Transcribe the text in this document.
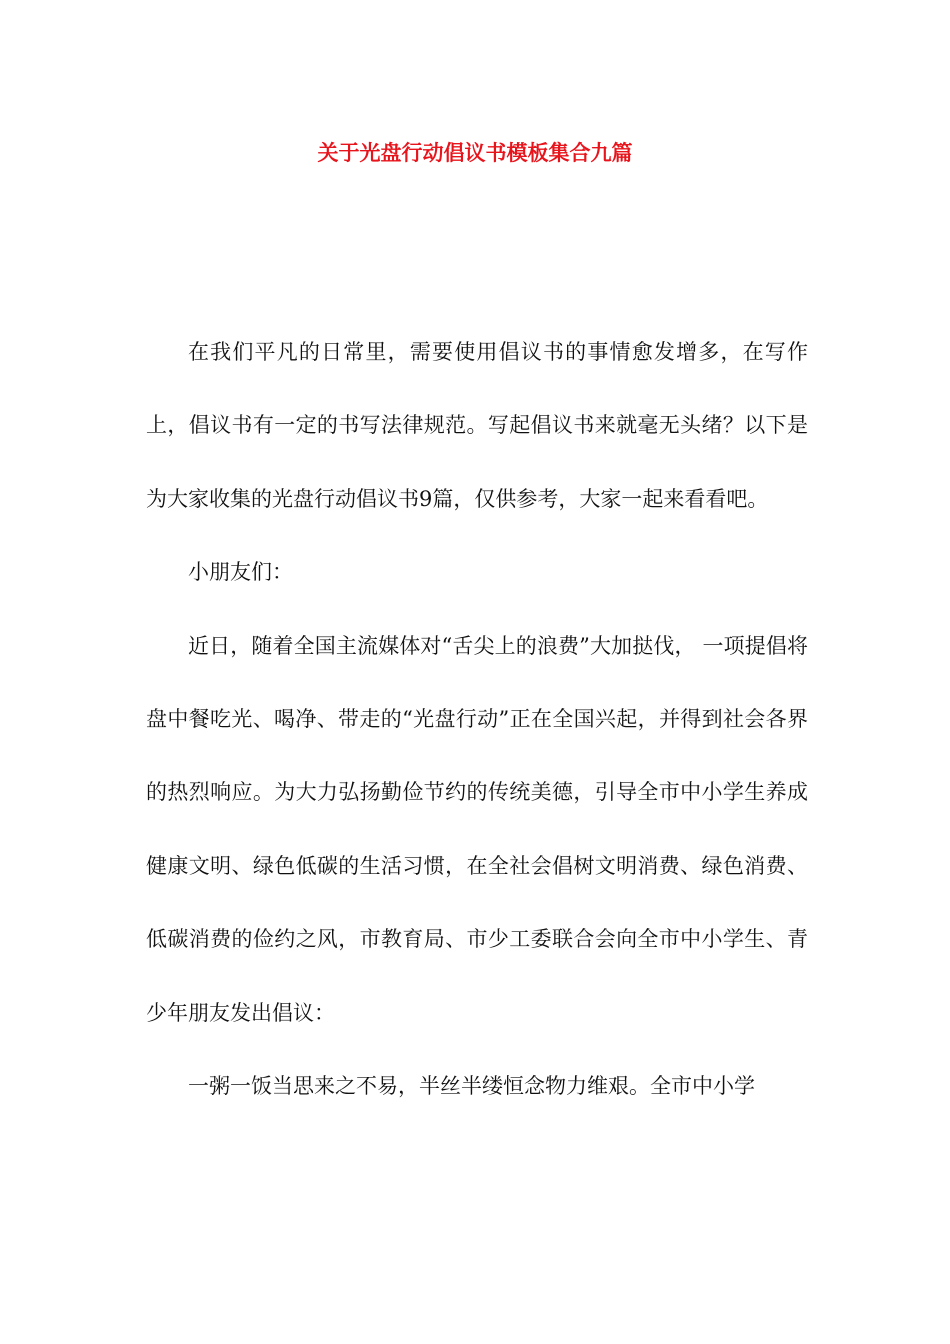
关于光盘行动倡议书模板集合九篇

在我们平凡的日常里，需要使用倡议书的事情愈发增多，在写作上，倡议书有一定的书写法律规范。写起倡议书来就毫无头绪？以下是为大家收集的光盘行动倡议书9篇，仅供参考，大家一起来看看吧。

小朋友们：

近日，随着全国主流媒体对“舌尖上的浪费”大加挞伐， 一项提倡将盘中餐吃光、喝净、带走的“光盘行动”正在全国兴起，并得到社会各界的热烈响应。为大力弘扬勤俭节约的传统美德，引导全市中小学生养成健康文明、绿色低碳的生活习惯，在全社会倡树文明消费、绿色消费、低碳消费的俭约之风，市教育局、市少工委联合会向全市中小学生、青少年朋友发出倡议：

一粥一饭当思来之不易，半丝半缕恒念物力维艰。全市中小学
